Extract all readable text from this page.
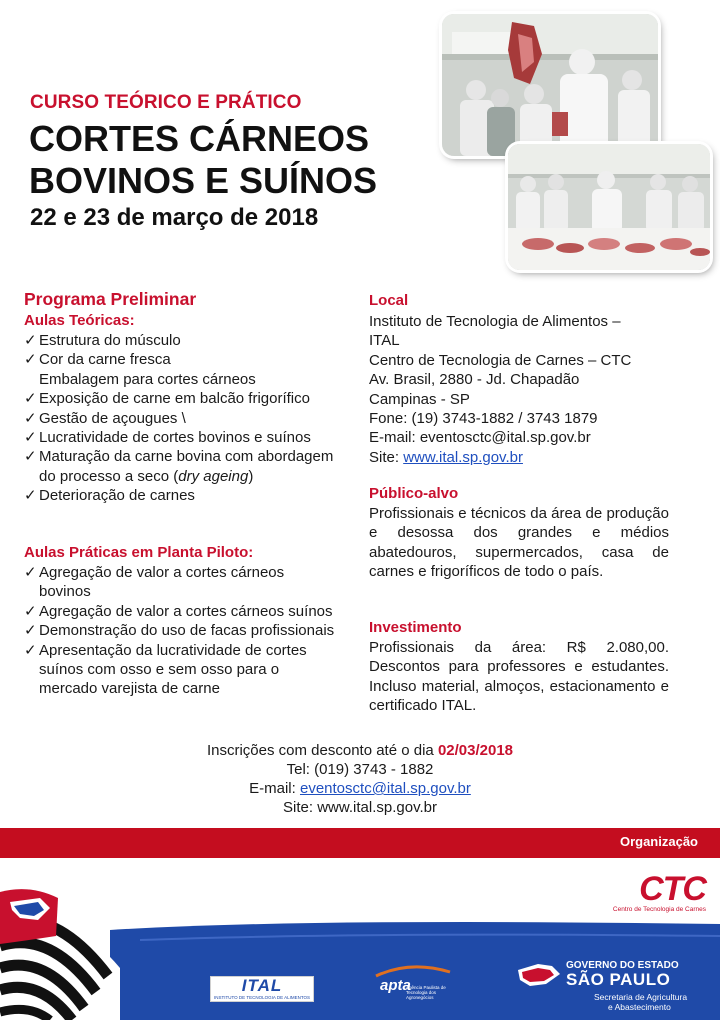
CURSO TEÓRICO E PRÁTICO
CORTES CÁRNEOS
BOVINOS E SUÍNOS
22 e 23 de março de 2018
Programa Preliminar
Aulas Teóricas:
✓ Estrutura do músculo
✓ Cor da carne fresca
Embalagem para cortes cárneos
✓ Exposição de carne em balcão frigorífico
✓ Gestão de açougues \
✓ Lucratividade de cortes bovinos e suínos
✓ Maturação da carne bovina com abordagem
do processo a seco (dry ageing)
✓ Deterioração de carnes
Aulas Práticas em Planta Piloto:
✓ Agregação de valor a cortes cárneos
bovinos
✓ Agregação de valor a cortes cárneos suínos
✓ Demonstração do uso de facas profissionais
✓ Apresentação da lucratividade de cortes
suínos com osso e sem osso para o
mercado varejista de carne
Local
Instituto de Tecnologia de Alimentos –
ITAL
Centro de Tecnologia de Carnes – CTC
Av. Brasil, 2880 - Jd. Chapadão
Campinas - SP
Fone: (19) 3743-1882 / 3743 1879
E-mail: eventosctc@ital.sp.gov.br
Site: www.ital.sp.gov.br
Público-alvo
Profissionais e técnicos da área de produção e desossa dos grandes e médios abatedouros, supermercados, casa de carnes e frigoríficos de todo o país.
Investimento
Profissionais da área: R$ 2.080,00. Descontos para professores e estudantes. Incluso material, almoços, estacionamento e certificado ITAL.
Inscrições com desconto até o dia 02/03/2018
Tel: (019) 3743 - 1882
E-mail: eventosctc@ital.sp.gov.br
Site: www.ital.sp.gov.br
Organização
CTC
Centro de Tecnologia de Carnes
ITAL
INSTITUTO DE TECNOLOGIA DE ALIMENTOS
apta
Agência Paulista de Tecnologia dos Agronegócios
GOVERNO DO ESTADO
SÃO PAULO
Secretaria de Agricultura
e Abastecimento
